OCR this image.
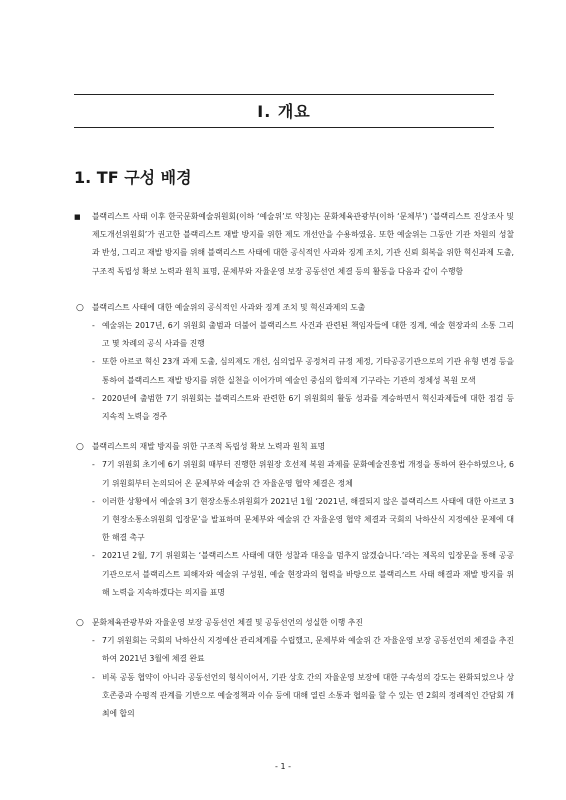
Ⅰ. 개요
1. TF 구성 배경
■	블랙리스트 사태 이후 한국문화예술위원회(이하 ‘예술위’로 약칭)는 문화체육관광부(이하 ‘문체부’) ‘블랙리스트 진상조사 및 제도개선위원회’가 권고한 블랙리스트 재발 방지를 위한 제도 개선안을 수용하였음. 또한 예술위는 그동안 기관 차원의 성찰과 반성, 그리고 재발 방지를 위해 블랙리스트 사태에 대한 공식적인 사과와 징계 조치, 기관 신뢰 회복을 위한 혁신과제 도출, 구조적 독립성 확보 노력과 원칙 표명, 문체부와 자율운영 보장 공동선언 체결 등의 활동을 다음과 같이 수행함
○	블랙리스트 사태에 대한 예술위의 공식적인 사과와 징계 조치 및 혁신과제의 도출
- 예술위는 2017년, 6기 위원회 출범과 더불어 블랙리스트 사건과 관련된 책임자들에 대한 징계, 예술 현장과의 소통 그리고 몇 차례의 공식 사과를 진행
- 또한 아르코 혁신 23개 과제 도출, 심의제도 개선, 심의업무 공정처리 규정 제정, 기타공공기관으로의 기관 유형 변경 등을 통하여 블랙리스트 재발 방지를 위한 실천을 이어가며 예술인 중심의 합의제 기구라는 기관의 정체성 복원 모색
- 2020년에 출범한 7기 위원회는 블랙리스트와 관련한 6기 위원회의 활동 성과를 계승하면서 혁신과제들에 대한 점검 등 지속적 노력을 경주
○	블랙리스트의 재발 방지를 위한 구조적 독립성 확보 노력과 원칙 표명
- 7기 위원회 초기에 6기 위원회 때부터 진행한 위원장 호선제 복원 과제를 문화예술진흥법 개정을 통하여 완수하였으나, 6기 위원회부터 논의되어 온 문체부와 예술위 간 자율운영 협약 체결은 정체
- 이러한 상황에서 예술위 3기 현장소통소위원회가 2021년 1월 ‘2021년, 해결되지 않은 블랙리스트 사태에 대한 아르코 3기 현장소통소위원회 입장문’을 발표하며 문체부와 예술위 간 자율운영 협약 체결과 국회의 낙하산식 지정예산 문제에 대한 해결 촉구
- 2021년 2월, 7기 위원회는 ‘블랙리스트 사태에 대한 성찰과 대응을 멈추지 않겠습니다.’라는 제목의 입장문을 통해 공공기관으로서 블랙리스트 피해자와 예술위 구성원, 예술 현장과의 협력을 바탕으로 블랙리스트 사태 해결과 재발 방지를 위해 노력을 지속하겠다는 의지를 표명
○	문화체육관광부와 자율운영 보장 공동선언 체결 및 공동선언의 성실한 이행 추진
- 7기 위원회는 국회의 낙하산식 지정예산 관리체계를 수립했고, 문체부와 예술위 간 자율운영 보장 공동선언의 체결을 추진하여 2021년 3월에 체결 완료
- 비록 공동 협약이 아니라 공동선언의 형식이어서, 기관 상호 간의 자율운영 보장에 대한 구속성의 강도는 완화되었으나 상호존중과 수평적 관계를 기반으로 예술정책과 이슈 등에 대해 열린 소통과 협의를 할 수 있는 연 2회의 정례적인 간담회 개최에 합의
- 1 -
